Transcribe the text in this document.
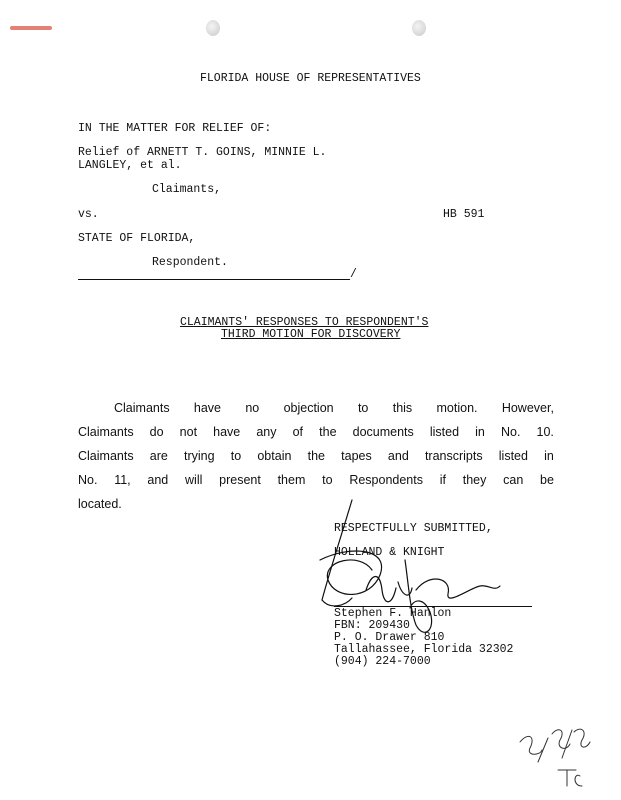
FLORIDA HOUSE OF REPRESENTATIVES
IN THE MATTER FOR RELIEF OF:
Relief of ARNETT T. GOINS, MINNIE L.
LANGLEY, et al.
Claimants,
vs.	HB 591
STATE OF FLORIDA,
Respondent.
/
CLAIMANTS' RESPONSES TO RESPONDENT'S
THIRD MOTION FOR DISCOVERY
Claimants have no objection to this motion. However,
Claimants do not have any of the documents listed in No. 10.
Claimants are trying to obtain the tapes and transcripts listed in
No. 11, and will present them to Respondents if they can be
located.
RESPECTFULLY SUBMITTED,
HOLLAND & KNIGHT
Stephen F. Hanlon
FBN: 209430
P. O. Drawer 810
Tallahassee, Florida 32302
(904) 224-7000
